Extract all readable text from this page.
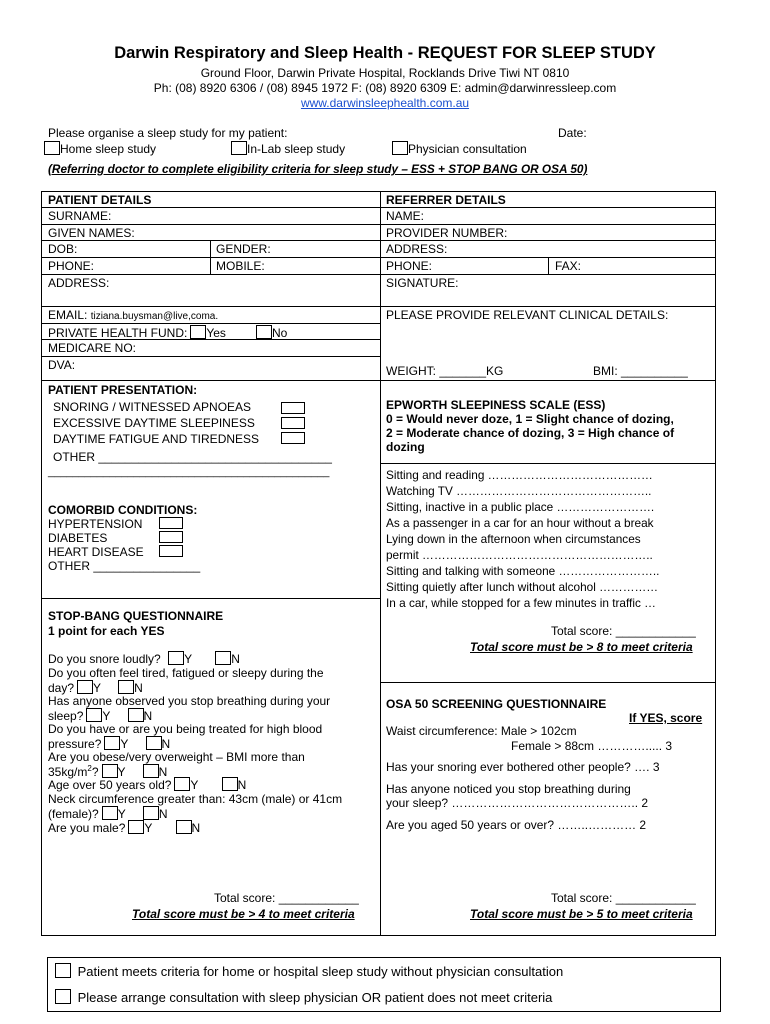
Darwin Respiratory and Sleep Health - REQUEST FOR SLEEP STUDY
Ground Floor, Darwin Private Hospital, Rocklands Drive Tiwi NT 0810
Ph: (08) 8920 6306 / (08) 8945 1972 F: (08) 8920 6309 E: admin@darwinressleep.com
www.darwinsleephealth.com.au
Please organise a sleep study for my patient:	Date:
Home sleep study	In-Lab sleep study	Physician consultation
(Referring doctor to complete eligibility criteria for sleep study – ESS + STOP BANG OR OSA 50)
PATIENT DETAILS
SURNAME:
GIVEN NAMES:
DOB:	GENDER:
PHONE:	MOBILE:
ADDRESS:
EMAIL: tiziana.buysman@live,coma.
PRIVATE HEALTH FUND: Yes	No
MEDICARE NO:
DVA:
REFERRER DETAILS
NAME:
PROVIDER NUMBER:
ADDRESS:
PHONE:	FAX:
SIGNATURE:
PLEASE PROVIDE RELEVANT CLINICAL DETAILS:
WEIGHT: _______KG	BMI: __________
PATIENT PRESENTATION:
SNORING / WITNESSED APNOEAS
EXCESSIVE DAYTIME SLEEPINESS
DAYTIME FATIGUE AND TIREDNESS
OTHER ___________________________________
______________________________________________
COMORBID CONDITIONS:
HYPERTENSION
DIABETES
HEART DISEASE
OTHER ________________
EPWORTH SLEEPINESS SCALE (ESS)
0 = Would never doze, 1 = Slight chance of dozing,
2 = Moderate chance of dozing, 3 = High chance of
dozing
Sitting and reading ……………………………………
Watching TV …………………………………………..
Sitting, inactive in a public place …………………….
As a passenger in a car for an hour without a break
Lying down in the afternoon when circumstances
permit …………………………………………………..
Sitting and talking with someone ……………………..
Sitting quietly after lunch without alcohol ……………
In a car, while stopped for a few minutes in traffic …
Total score: ____________
Total score must be > 8 to meet criteria
STOP-BANG QUESTIONNAIRE
1 point for each YES
Do you snore loudly? Y	N
Do you often feel tired, fatigued or sleepy during the
day? Y	N
Has anyone observed you stop breathing during your
sleep? Y	N
Do you have or are you being treated for high blood
pressure? Y	N
Are you obese/very overweight – BMI more than
$35kg/m^2$? Y	N
Age over 50 years old? Y	N
Neck circumference greater than: 43cm (male) or 41cm
(female)? Y	N
Are you male? Y	N
Total score: ____________
Total score must be > 4 to meet criteria
OSA 50 SCREENING QUESTIONNAIRE
If YES, score
Waist circumference: Male > 102cm
Female > 88cm …………..... 3
Has your snoring ever bothered other people? …. 3
Has anyone noticed you stop breathing during
your sleep? ……………………………………….. 2
Are you aged 50 years or over? ……..………… 2
Total score: ____________
Total score must be > 5 to meet criteria
Patient meets criteria for home or hospital sleep study without physician consultation
Please arrange consultation with sleep physician OR patient does not meet criteria
